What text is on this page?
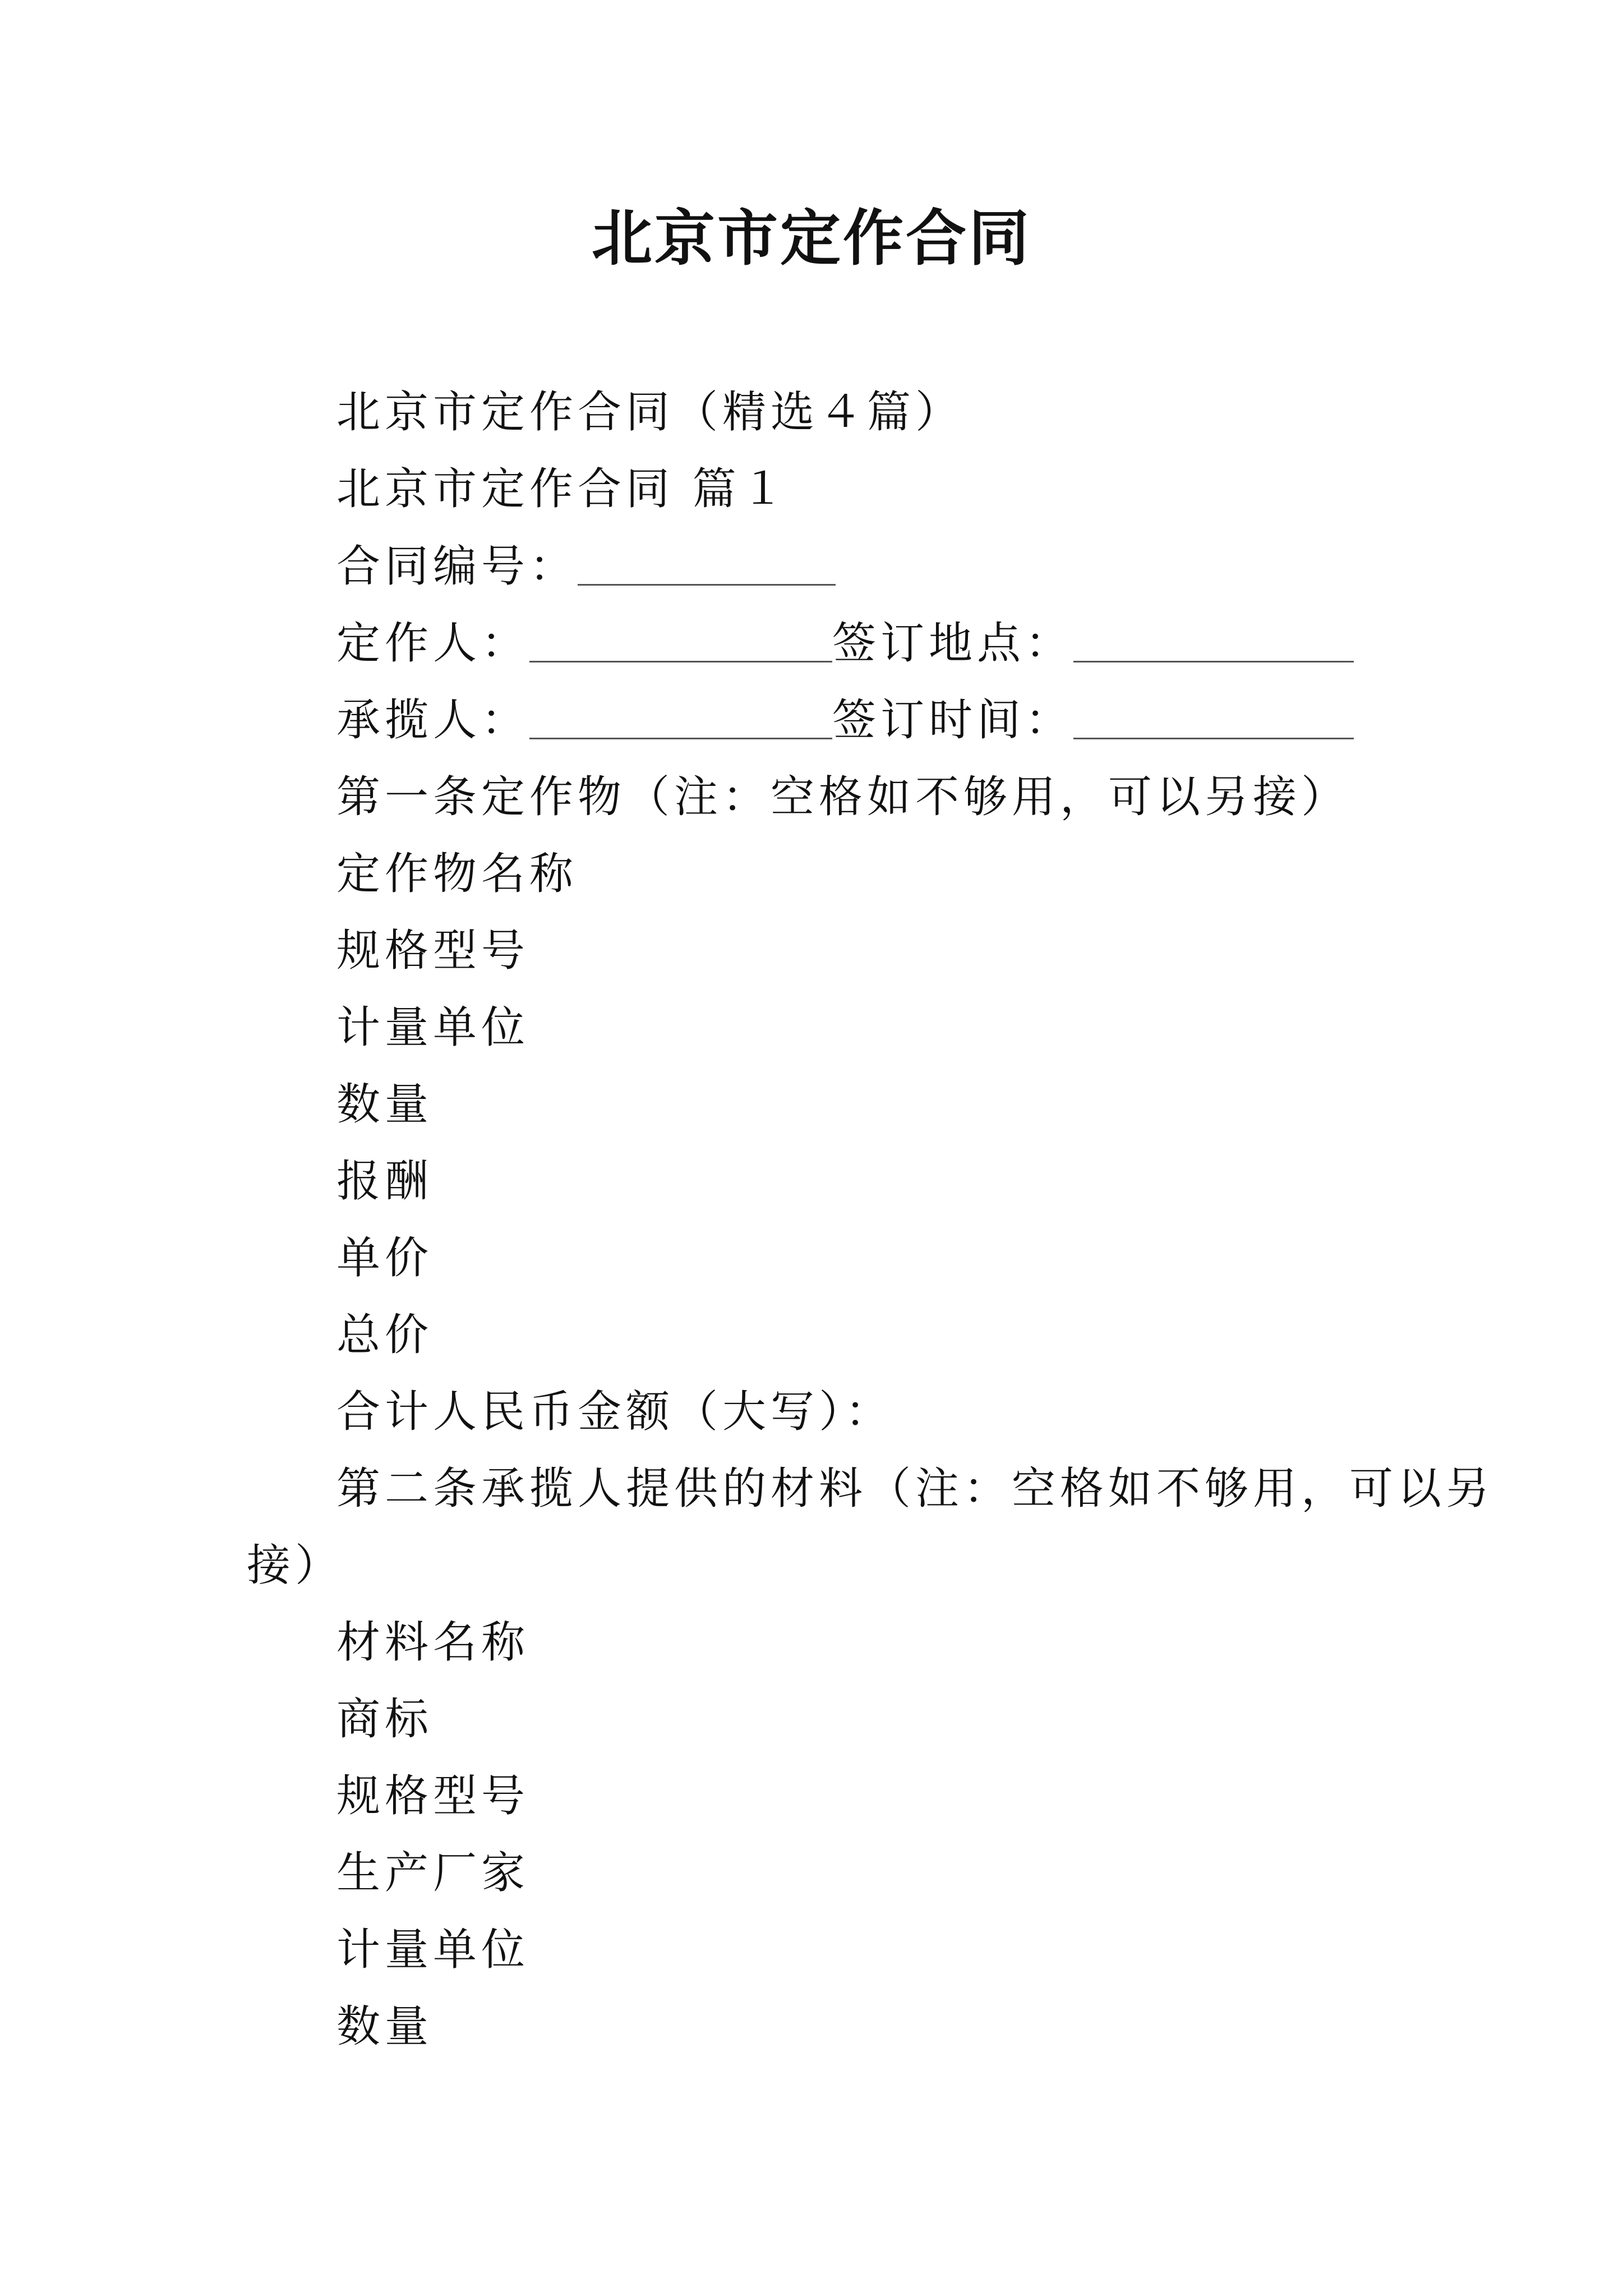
北京市定作合同
北京市定作合同（精选４篇）
北京市定作合同 篇１
合同编号：
定作人：	签订地点：
承揽人：	签订时间：
第一条定作物（注：空格如不够用，可以另接）
定作物名称
规格型号
计量单位
数量
报酬
单价
总价
合计人民币金额（大写）：
第二条承揽人提供的材料（注：空格如不够用，可以另
接）
材料名称
商标
规格型号
生产厂家
计量单位
数量
